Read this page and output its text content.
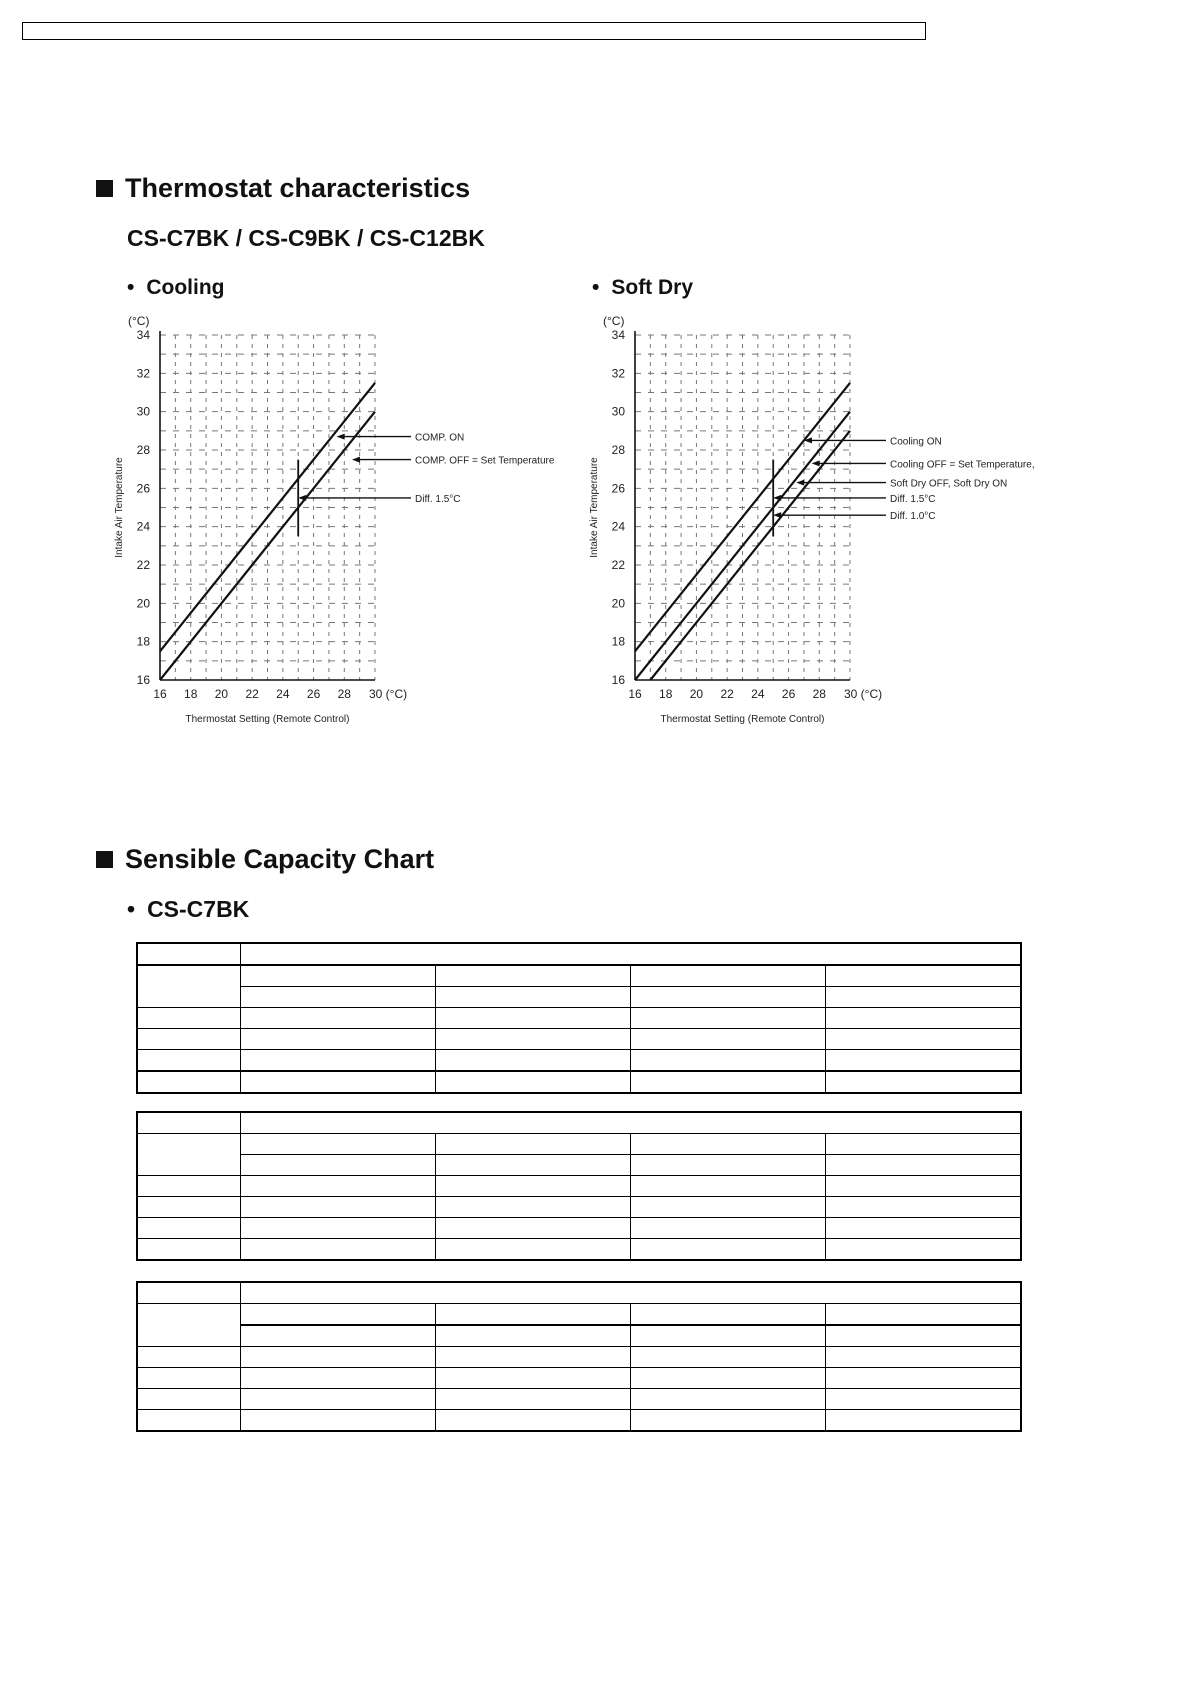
Thermostat characteristics
CS-C7BK / CS-C9BK / CS-C12BK
• Cooling
•	Soft Dry
16 18 20 22 24 26 28 30 (°C)
16
18
20
22
24
26
28
30
32
34
(°C)
Thermostat Setting (Remote Control)
Intake Air Temperature
COMP. ON
COMP. OFF = Set Temperature
Diff. 1.5°C
16 18 20 22 24 26 28 30 (°C)
16
18
20
22
24
26
28
30
32
34
(°C)
Thermostat Setting (Remote Control)
Intake Air Temperature
Cooling ON
Cooling OFF = Set Temperature,
Soft Dry OFF, Soft Dry ON
Diff. 1.5°C
Diff. 1.0°C
Sensible Capacity Chart
• CS-C7BK
